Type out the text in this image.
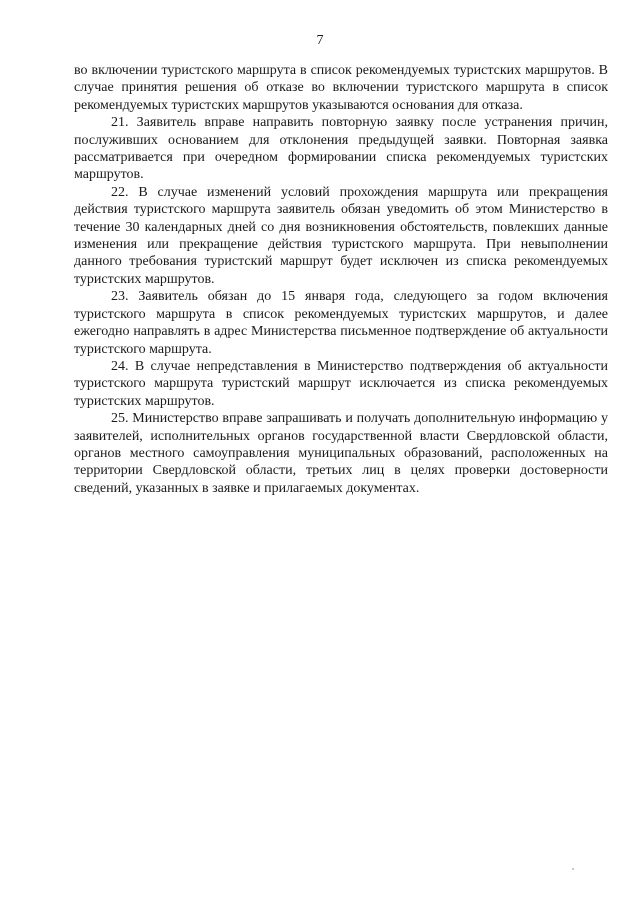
7

во включении туристского маршрута в список рекомендуемых туристских маршрутов. В случае принятия решения об отказе во включении туристского маршрута в список рекомендуемых туристских маршрутов указываются основания для отказа.

21. Заявитель вправе направить повторную заявку после устранения причин, послуживших основанием для отклонения предыдущей заявки. Повторная заявка рассматривается при очередном формировании списка рекомендуемых туристских маршрутов.

22. В случае изменений условий прохождения маршрута или прекращения действия туристского маршрута заявитель обязан уведомить об этом Министерство в течение 30 календарных дней со дня возникновения обстоятельств, повлекших данные изменения или прекращение действия туристского маршрута. При невыполнении данного требования туристский маршрут будет исключен из списка рекомендуемых туристских маршрутов.

23. Заявитель обязан до 15 января года, следующего за годом включения туристского маршрута в список рекомендуемых туристских маршрутов, и далее ежегодно направлять в адрес Министерства письменное подтверждение об актуальности туристского маршрута.

24. В случае непредставления в Министерство подтверждения об актуальности туристского маршрута туристский маршрут исключается из списка рекомендуемых туристских маршрутов.

25. Министерство вправе запрашивать и получать дополнительную информацию у заявителей, исполнительных органов государственной власти Свердловской области, органов местного самоуправления муниципальных образований, расположенных на территории Свердловской области, третьих лиц в целях проверки достоверности сведений, указанных в заявке и прилагаемых документах.
